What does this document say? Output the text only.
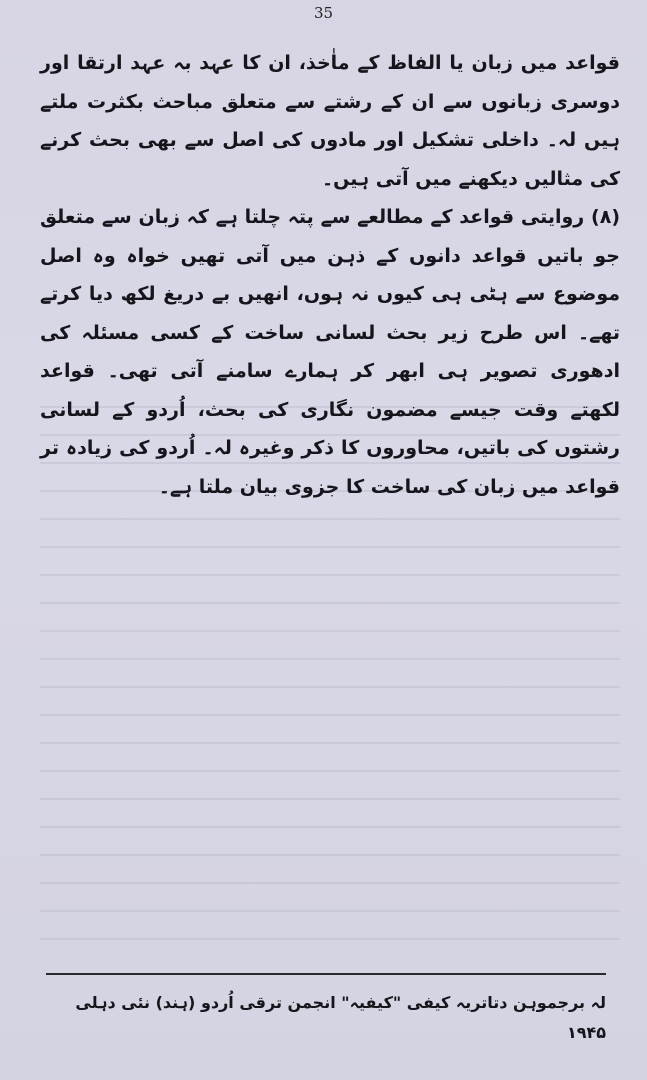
35

قواعد میں زبان یا الفاظ کے ماٰخذ، ان کا عہد بہ عہد ارتقا اور دوسری زبانوں سے ان کے رشتے سے متعلق مباحث بکثرت ملتے ہیں لہ۔ داخلی تشکیل اور مادوں کی اصل سے بھی بحث کرنے کی مثالیں دیکھنے میں آتی ہیں۔

(۸) روایتی قواعد کے مطالعے سے پتہ چلتا ہے کہ زبان سے متعلق جو باتیں قواعد دانوں کے ذہن میں آتی تھیں خواہ وہ اصل موضوع سے ہٹی ہی کیوں نہ ہوں، انھیں بے دریغ لکھ دیا کرتے تھے۔ اس طرح زیر بحث لسانی ساخت کے کسی مسئلہ کی ادھوری تصویر ہی ابھر کر ہمارے سامنے آتی تھی۔ قواعد لکھتے وقت جیسے مضمون نگاری کی بحث، اُردو کے لسانی رشتوں کی باتیں، محاوروں کا ذکر وغیرہ لہ۔ اُردو کی زیادہ تر قواعد میں زبان کی ساخت کا جزوی بیان ملتا ہے۔

لہ برجموہن دتاتریہ کیفی "کیفیہ" انجمن ترقی اُردو (ہند) نئی دہلی ۱۹۴۵
